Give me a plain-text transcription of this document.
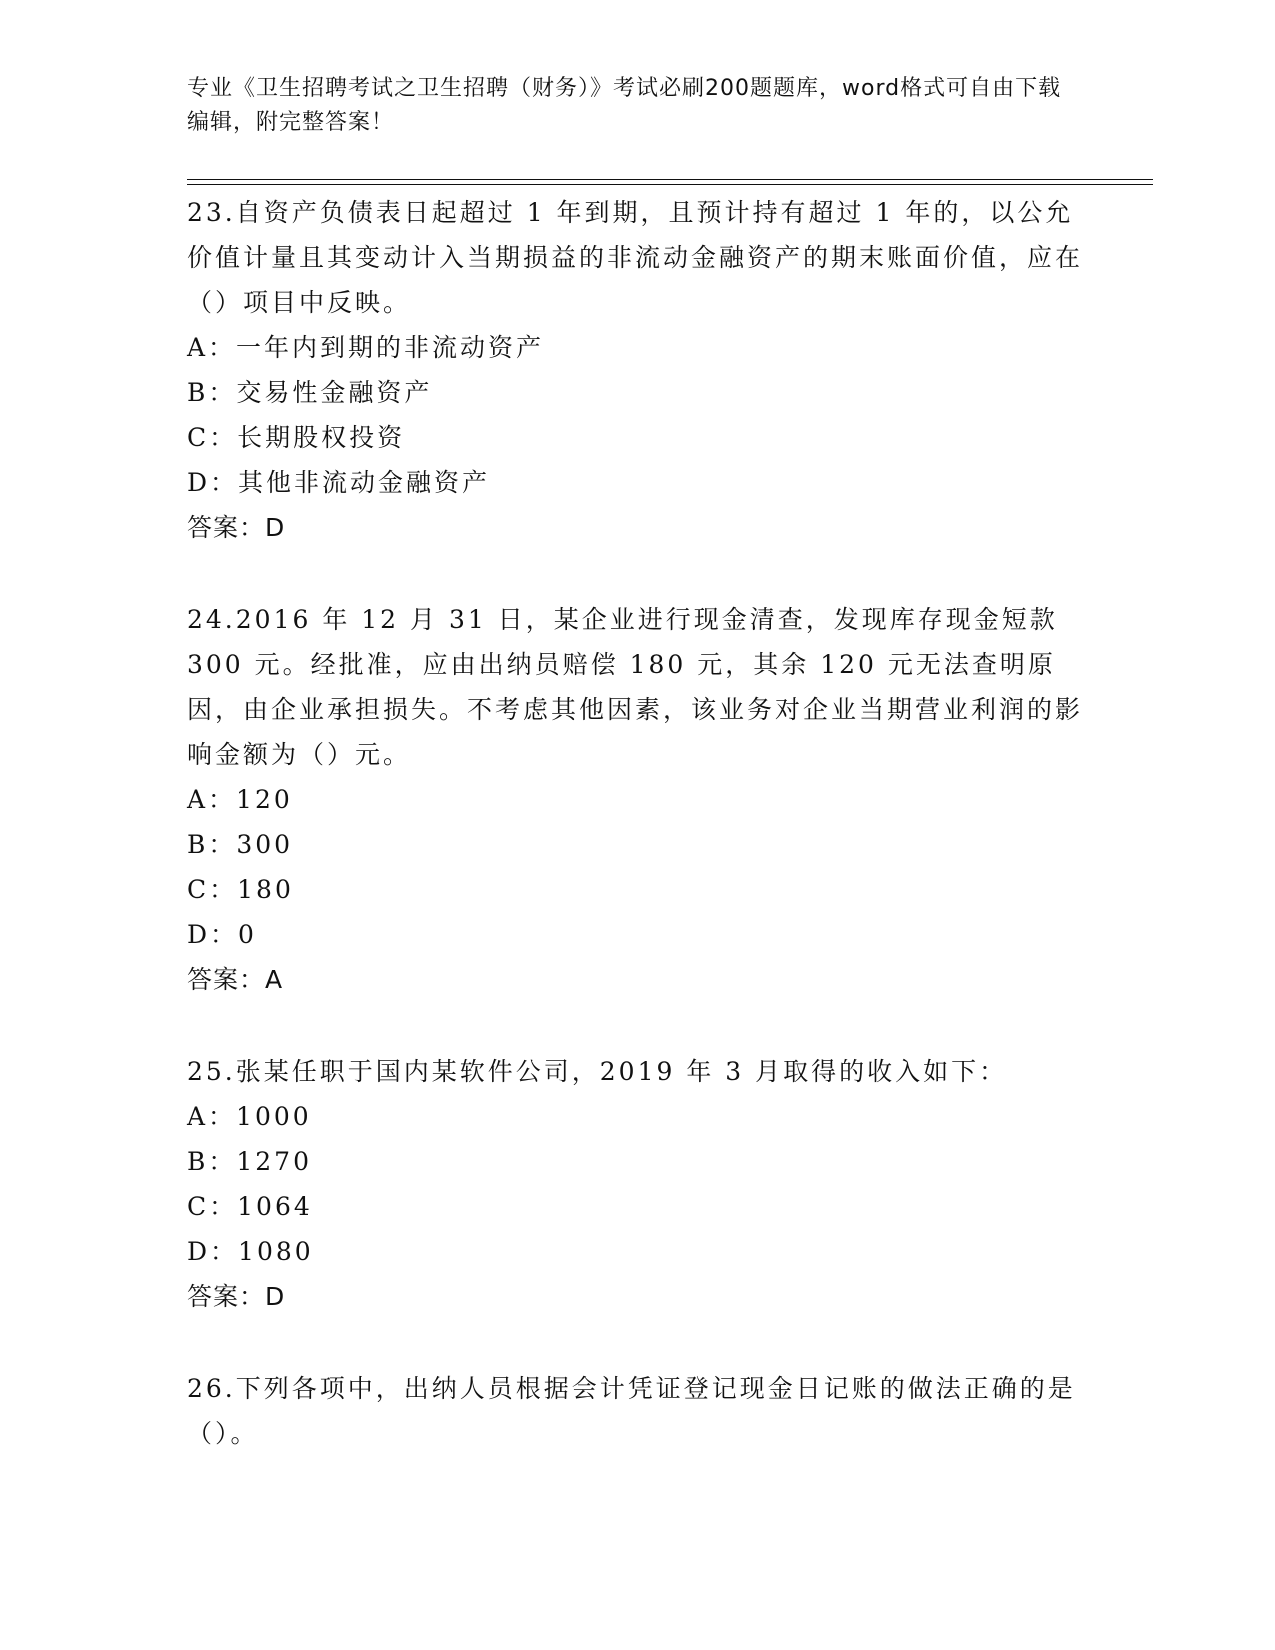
专业《卫生招聘考试之卫生招聘（财务）》考试必刷200题题库，word格式可自由下载编辑，附完整答案！

23.自资产负债表日起超过 1 年到期，且预计持有超过 1 年的，以公允价值计量且其变动计入当期损益的非流动金融资产的期末账面价值，应在（）项目中反映。

A：一年内到期的非流动资产
B：交易性金融资产
C：长期股权投资
D：其他非流动金融资产

答案：D

24.2016 年 12 月 31 日，某企业进行现金清查，发现库存现金短款 300 元。经批准，应由出纳员赔偿 180 元，其余 120 元无法查明原因，由企业承担损失。不考虑其他因素，该业务对企业当期营业利润的影响金额为（）元。

A：120
B：300
C：180
D：0

答案：A

25.张某任职于国内某软件公司，2019 年 3 月取得的收入如下：

A：1000
B：1270
C：1064
D：1080

答案：D

26.下列各项中，出纳人员根据会计凭证登记现金日记账的做法正确的是（）。
